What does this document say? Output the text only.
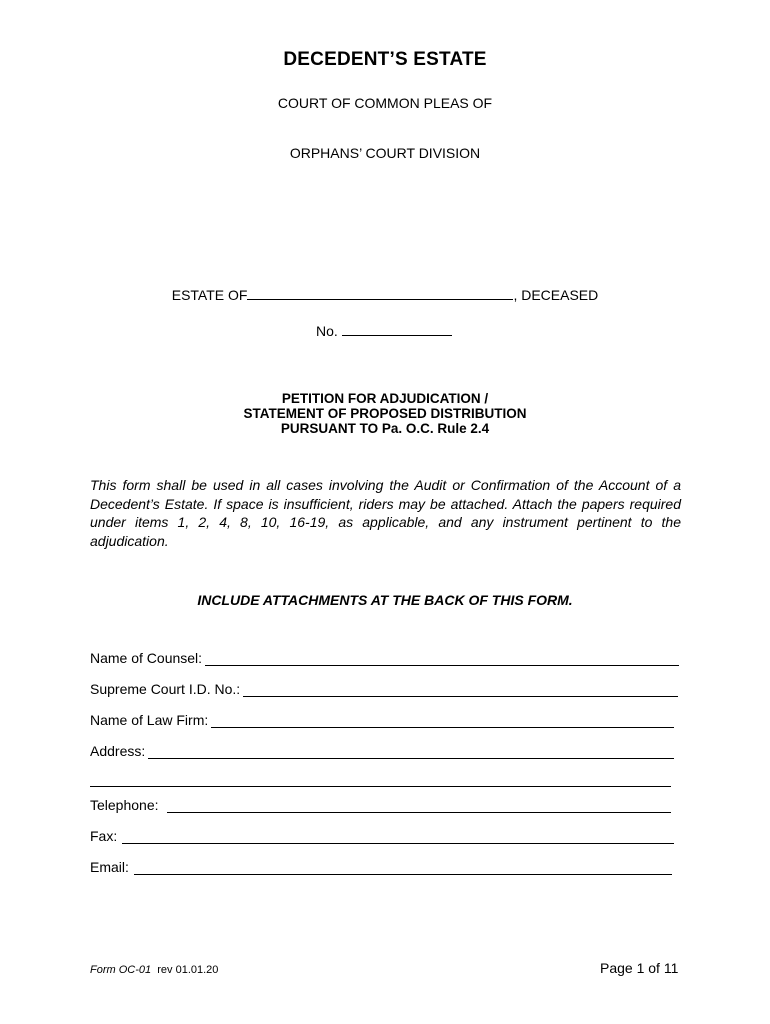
DECEDENT’S ESTATE
COURT OF COMMON PLEAS OF
ORPHANS’ COURT DIVISION
ESTATE OF	, DECEASED
No.
PETITION FOR ADJUDICATION /
STATEMENT OF PROPOSED DISTRIBUTION
PURSUANT TO Pa. O.C. Rule 2.4
This form shall be used in all cases involving the Audit or Confirmation of the Account of a Decedent’s Estate. If space is insufficient, riders may be attached. Attach the papers required under items 1, 2, 4, 8, 10, 16-19, as applicable, and any instrument pertinent to the adjudication.
INCLUDE ATTACHMENTS AT THE BACK OF THIS FORM.
Name of Counsel:
Supreme Court I.D. No.:
Name of Law Firm:
Address:
Telephone:
Fax:
Email:
Form OC-01 rev 01.01.20	Page 1 of 11
